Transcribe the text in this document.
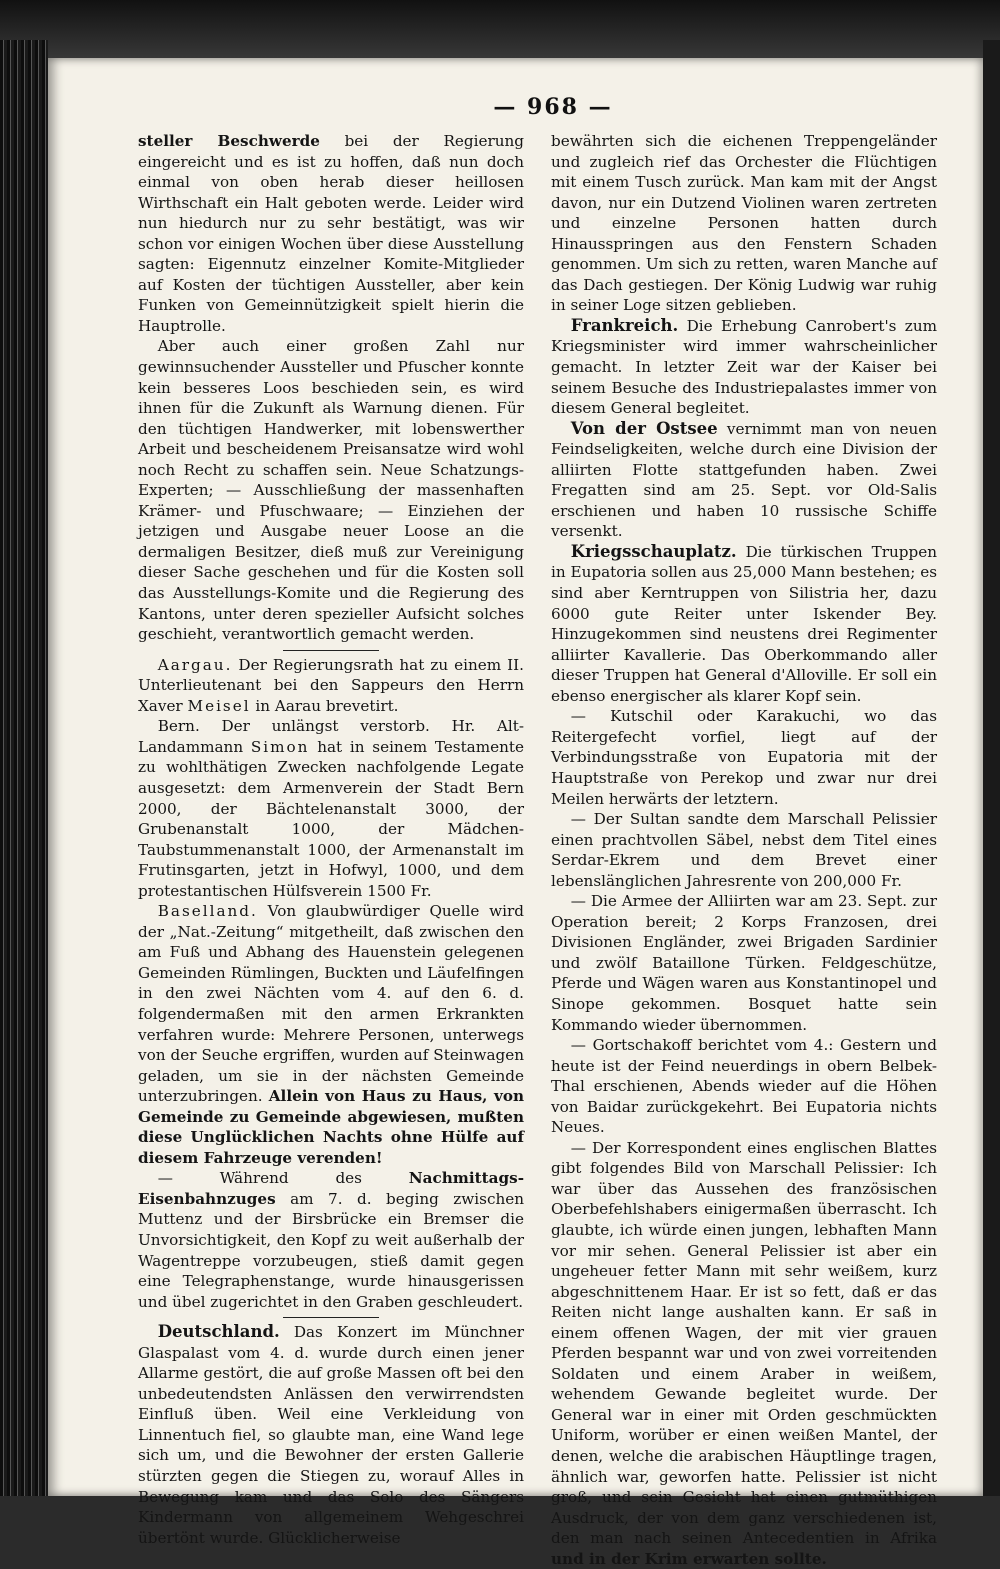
— 968 —

steller Beschwerde bei der Regierung eingereicht und es ist zu hoffen, daß nun doch einmal von oben herab dieser heillosen Wirthschaft ein Halt geboten werde. Leider wird nun hiedurch nur zu sehr bestätigt, was wir schon vor einigen Wochen über diese Ausstellung sagten: Eigennutz einzelner Komite-Mitglieder auf Kosten der tüchtigen Aussteller, aber kein Funken von Gemeinnützigkeit spielt hierin die Hauptrolle.

Aber auch einer großen Zahl nur gewinnsuchender Aussteller und Pfuscher konnte kein besseres Loos beschieden sein, es wird ihnen für die Zukunft als Warnung dienen. Für den tüchtigen Handwerker, mit lobenswerther Arbeit und bescheidenem Preisansatze wird wohl noch Recht zu schaffen sein. Neue Schatzungs-Experten; — Ausschließung der massenhaften Krämer- und Pfuschwaare; — Einziehen der jetzigen und Ausgabe neuer Loose an die dermaligen Besitzer, dieß muß zur Vereinigung dieser Sache geschehen und für die Kosten soll das Ausstellungs-Komite und die Regierung des Kantons, unter deren spezieller Aufsicht solches geschieht, verantwortlich gemacht werden.

Aargau. Der Regierungsrath hat zu einem II. Unterlieutenant bei den Sappeurs den Herrn Xaver Meisel in Aarau brevetirt.

Bern. Der unlängst verstorb. Hr. Alt-Landammann Simon hat in seinem Testamente zu wohlthätigen Zwecken nachfolgende Legate ausgesetzt: dem Armenverein der Stadt Bern 2000, der Bächtelenanstalt 3000, der Grubenanstalt 1000, der Mädchen-Taubstummenanstalt 1000, der Armenanstalt im Frutinsgarten, jetzt in Hofwyl, 1000, und dem protestantischen Hülfsverein 1500 Fr.

Baselland. Von glaubwürdiger Quelle wird der „Nat.-Zeitung“ mitgetheilt, daß zwischen den am Fuß und Abhang des Hauenstein gelegenen Gemeinden Rümlingen, Buckten und Läufelfingen in den zwei Nächten vom 4. auf den 6. d. folgendermaßen mit den armen Erkrankten verfahren wurde: Mehrere Personen, unterwegs von der Seuche ergriffen, wurden auf Steinwagen geladen, um sie in der nächsten Gemeinde unterzubringen. Allein von Haus zu Haus, von Gemeinde zu Gemeinde abgewiesen, mußten diese Unglücklichen Nachts ohne Hülfe auf diesem Fahrzeuge verenden!

— Während des Nachmittags-Eisenbahnzuges am 7. d. beging zwischen Muttenz und der Birsbrücke ein Bremser die Unvorsichtigkeit, den Kopf zu weit außerhalb der Wagentreppe vorzubeugen, stieß damit gegen eine Telegraphenstange, wurde hinausgerissen und übel zugerichtet in den Graben geschleudert.

Deutschland. Das Konzert im Münchner Glaspalast vom 4. d. wurde durch einen jener Allarme gestört, die auf große Massen oft bei den unbedeutendsten Anlässen den verwirrendsten Einfluß üben. Weil eine Verkleidung von Linnentuch fiel, so glaubte man, eine Wand lege sich um, und die Bewohner der ersten Gallerie stürzten gegen die Stiegen zu, worauf Alles in Bewegung kam und das Solo des Sängers Kindermann von allgemeinem Wehgeschrei übertönt wurde. Glücklicherweise

bewährten sich die eichenen Treppengeländer und zugleich rief das Orchester die Flüchtigen mit einem Tusch zurück. Man kam mit der Angst davon, nur ein Dutzend Violinen waren zertreten und einzelne Personen hatten durch Hinausspringen aus den Fenstern Schaden genommen. Um sich zu retten, waren Manche auf das Dach gestiegen. Der König Ludwig war ruhig in seiner Loge sitzen geblieben.

Frankreich. Die Erhebung Canrobert's zum Kriegsminister wird immer wahrscheinlicher gemacht. In letzter Zeit war der Kaiser bei seinem Besuche des Industriepalastes immer von diesem General begleitet.

Von der Ostsee vernimmt man von neuen Feindseligkeiten, welche durch eine Division der alliirten Flotte stattgefunden haben. Zwei Fregatten sind am 25. Sept. vor Old-Salis erschienen und haben 10 russische Schiffe versenkt.

Kriegsschauplatz. Die türkischen Truppen in Eupatoria sollen aus 25,000 Mann bestehen; es sind aber Kerntruppen von Silistria her, dazu 6000 gute Reiter unter Iskender Bey. Hinzugekommen sind neustens drei Regimenter alliirter Kavallerie. Das Oberkommando aller dieser Truppen hat General d'Alloville. Er soll ein ebenso energischer als klarer Kopf sein.

— Kutschil oder Karakuchi, wo das Reitergefecht vorfiel, liegt auf der Verbindungsstraße von Eupatoria mit der Hauptstraße von Perekop und zwar nur drei Meilen herwärts der letztern.

— Der Sultan sandte dem Marschall Pelissier einen prachtvollen Säbel, nebst dem Titel eines Serdar-Ekrem und dem Brevet einer lebenslänglichen Jahresrente von 200,000 Fr.

— Die Armee der Alliirten war am 23. Sept. zur Operation bereit; 2 Korps Franzosen, drei Divisionen Engländer, zwei Brigaden Sardinier und zwölf Bataillone Türken. Feldgeschütze, Pferde und Wägen waren aus Konstantinopel und Sinope gekommen. Bosquet hatte sein Kommando wieder übernommen.

— Gortschakoff berichtet vom 4.: Gestern und heute ist der Feind neuerdings in obern Belbek-Thal erschienen, Abends wieder auf die Höhen von Baidar zurückgekehrt. Bei Eupatoria nichts Neues.

— Der Korrespondent eines englischen Blattes gibt folgendes Bild von Marschall Pelissier: Ich war über das Aussehen des französischen Oberbefehlshabers einigermaßen überrascht. Ich glaubte, ich würde einen jungen, lebhaften Mann vor mir sehen. General Pelissier ist aber ein ungeheuer fetter Mann mit sehr weißem, kurz abgeschnittenem Haar. Er ist so fett, daß er das Reiten nicht lange aushalten kann. Er saß in einem offenen Wagen, der mit vier grauen Pferden bespannt war und von zwei vorreitenden Soldaten und einem Araber in weißem, wehendem Gewande begleitet wurde. Der General war in einer mit Orden geschmückten Uniform, worüber er einen weißen Mantel, der denen, welche die arabischen Häuptlinge tragen, ähnlich war, geworfen hatte. Pelissier ist nicht groß, und sein Gesicht hat einen gutmüthigen Ausdruck, der von dem ganz verschiedenen ist, den man nach seinen Antecedentien in Afrika und in der Krim erwarten sollte.
